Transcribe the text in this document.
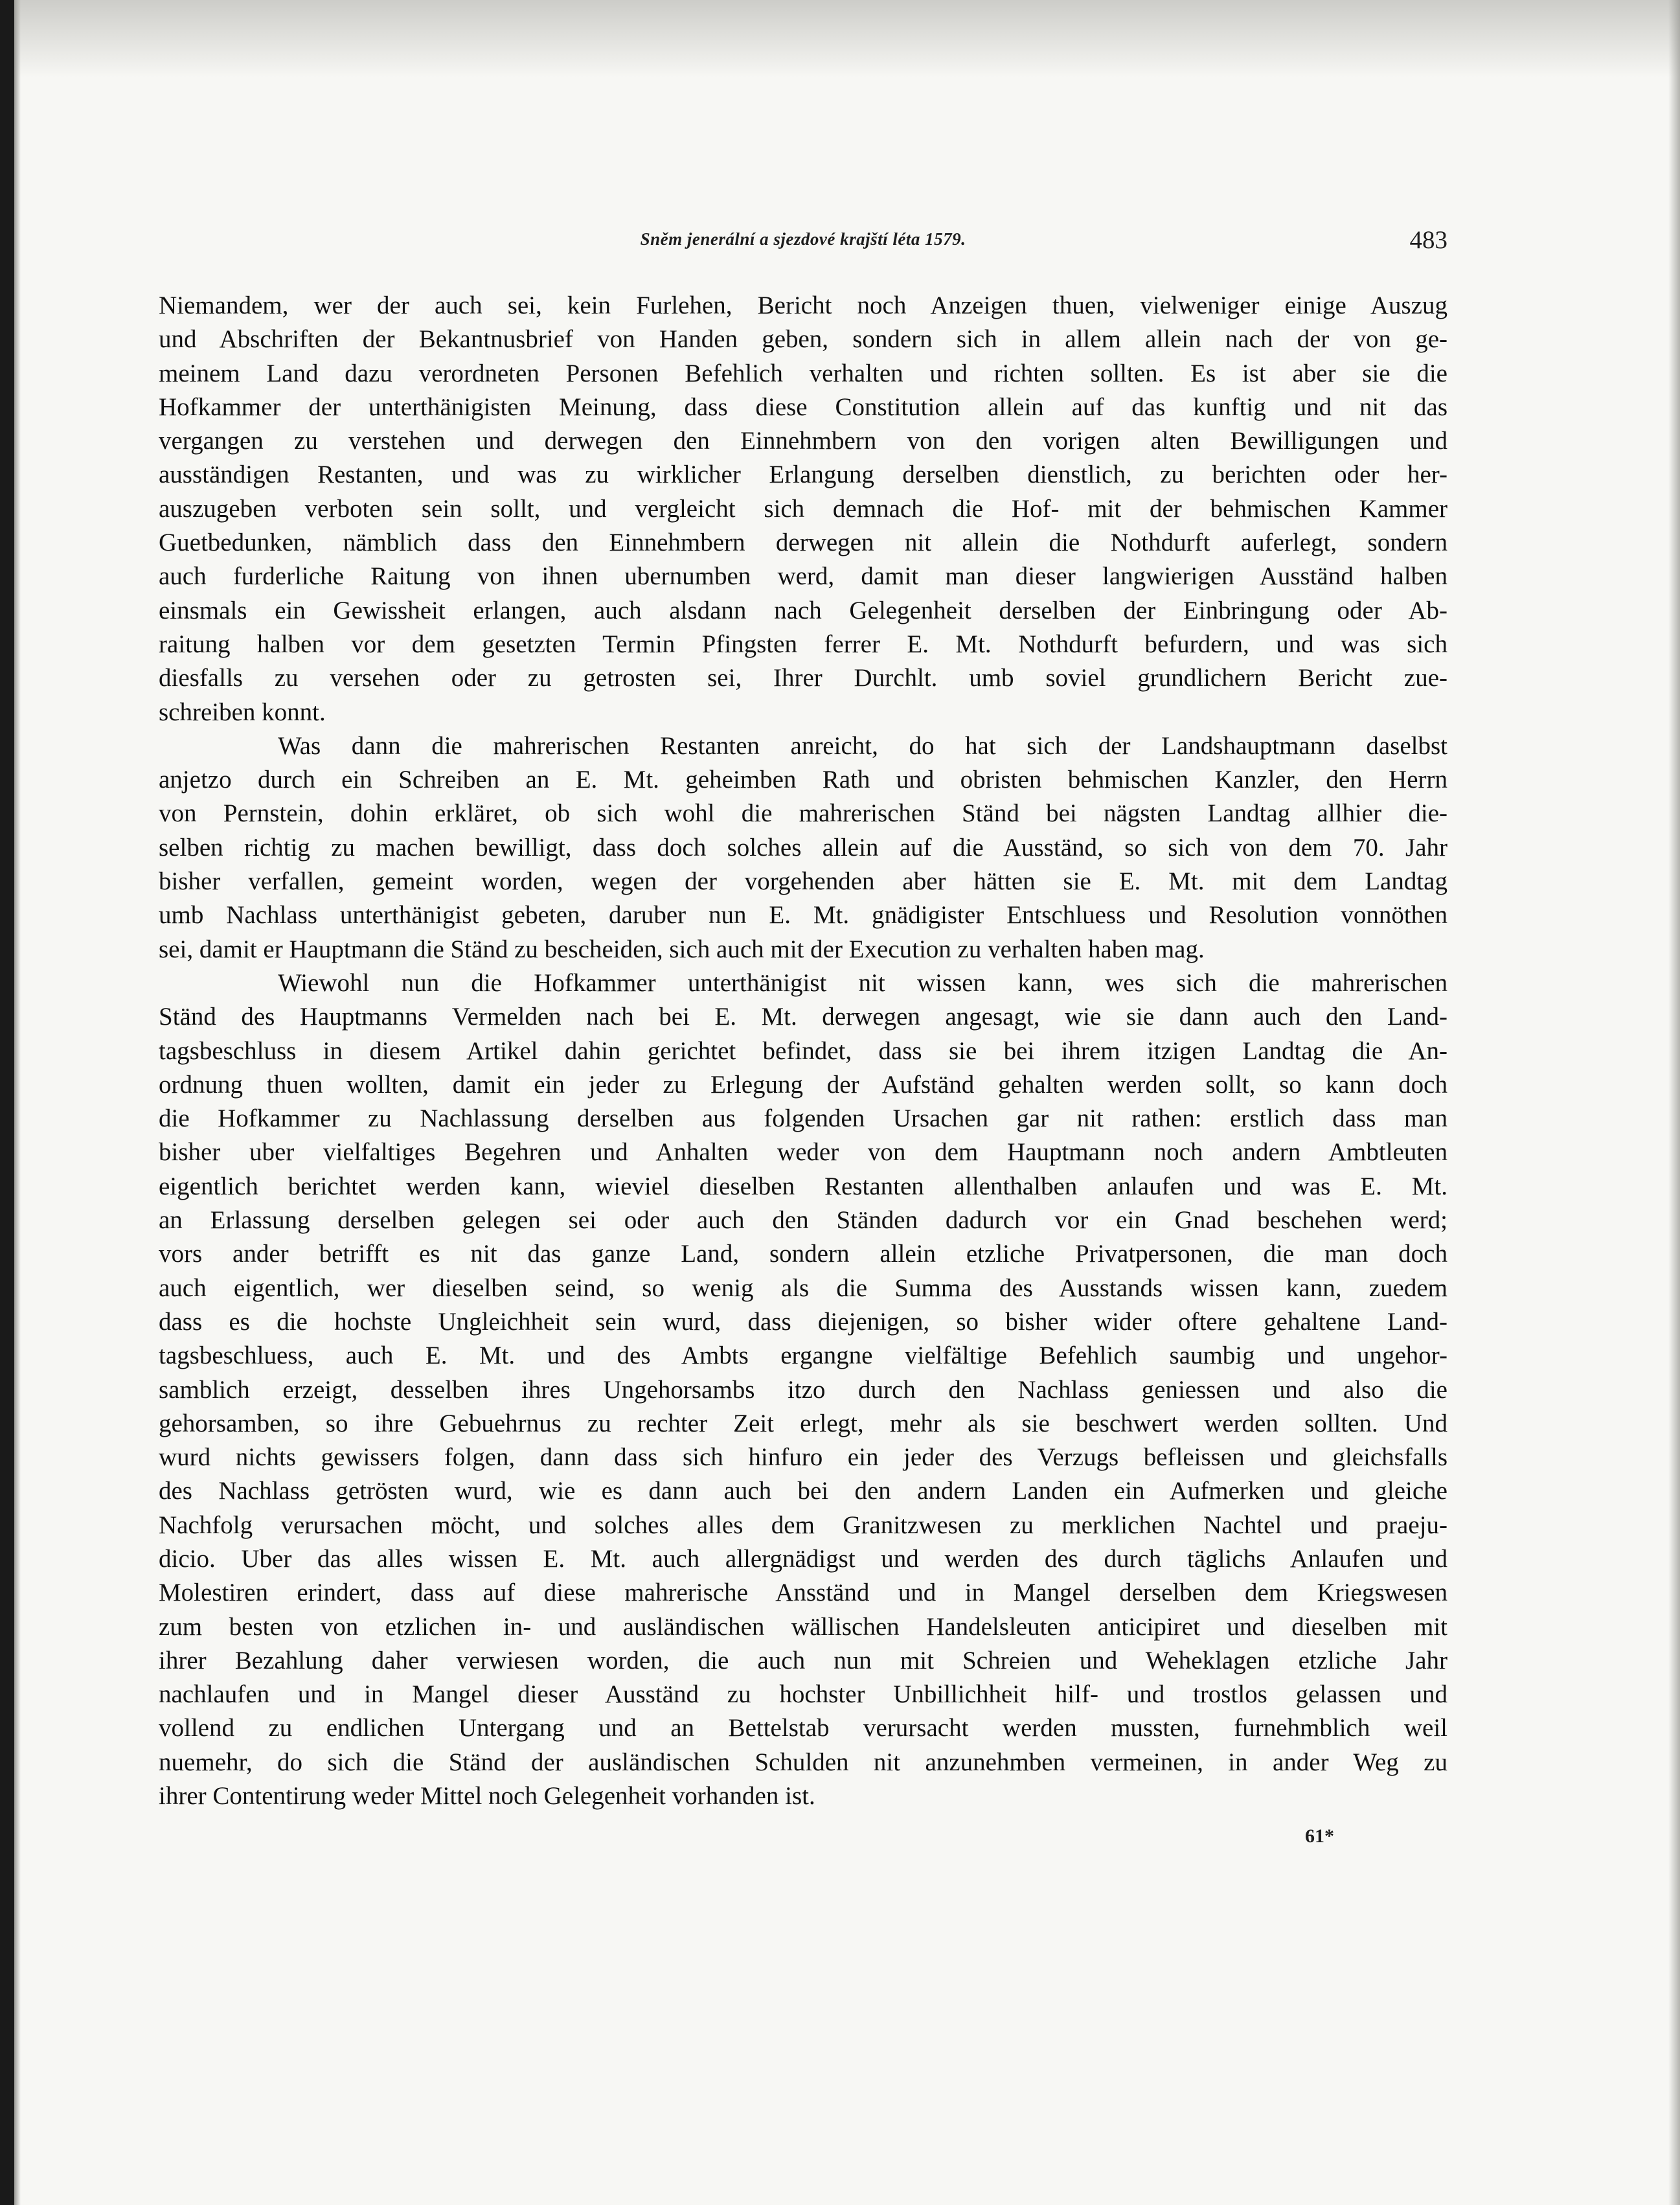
Sněm jenerální a sjezdové krajští léta 1579.	483
Niemandem, wer der auch sei, kein Furlehen, Bericht noch Anzeigen thuen, vielweniger einige Auszug
und Abschriften der Bekantnusbrief von Handen geben, sondern sich in allem allein nach der von ge-
meinem Land dazu verordneten Personen Befehlich verhalten und richten sollten. Es ist aber sie die
Hofkammer der unterthänigisten Meinung, dass diese Constitution allein auf das kunftig und nit das
vergangen zu verstehen und derwegen den Einnehmbern von den vorigen alten Bewilligungen und
ausständigen Restanten, und was zu wirklicher Erlangung derselben dienstlich, zu berichten oder her-
auszugeben verboten sein sollt, und vergleicht sich demnach die Hof- mit der behmischen Kammer
Guetbedunken, nämblich dass den Einnehmbern derwegen nit allein die Nothdurft auferlegt, sondern
auch furderliche Raitung von ihnen ubernumben werd, damit man dieser langwierigen Ausständ halben
einsmals ein Gewissheit erlangen, auch alsdann nach Gelegenheit derselben der Einbringung oder Ab-
raitung halben vor dem gesetzten Termin Pfingsten ferrer E. Mt. Nothdurft befurdern, und was sich
diesfalls zu versehen oder zu getrosten sei, Ihrer Durchlt. umb soviel grundlichern Bericht zue-
schreiben konnt.
Was dann die mahrerischen Restanten anreicht, do hat sich der Landshauptmann daselbst
anjetzo durch ein Schreiben an E. Mt. geheimben Rath und obristen behmischen Kanzler, den Herrn
von Pernstein, dohin erkläret, ob sich wohl die mahrerischen Ständ bei nägsten Landtag allhier die-
selben richtig zu machen bewilligt, dass doch solches allein auf die Ausständ, so sich von dem 70. Jahr
bisher verfallen, gemeint worden, wegen der vorgehenden aber hätten sie E. Mt. mit dem Landtag
umb Nachlass unterthänigist gebeten, daruber nun E. Mt. gnädigister Entschluess und Resolution vonnöthen
sei, damit er Hauptmann die Ständ zu bescheiden, sich auch mit der Execution zu verhalten haben mag.
Wiewohl nun die Hofkammer unterthänigist nit wissen kann, wes sich die mahrerischen
Ständ des Hauptmanns Vermelden nach bei E. Mt. derwegen angesagt, wie sie dann auch den Land-
tagsbeschluss in diesem Artikel dahin gerichtet befindet, dass sie bei ihrem itzigen Landtag die An-
ordnung thuen wollten, damit ein jeder zu Erlegung der Aufständ gehalten werden sollt, so kann doch
die Hofkammer zu Nachlassung derselben aus folgenden Ursachen gar nit rathen: erstlich dass man
bisher uber vielfaltiges Begehren und Anhalten weder von dem Hauptmann noch andern Ambtleuten
eigentlich berichtet werden kann, wieviel dieselben Restanten allenthalben anlaufen und was E. Mt.
an Erlassung derselben gelegen sei oder auch den Ständen dadurch vor ein Gnad beschehen werd;
vors ander betrifft es nit das ganze Land, sondern allein etzliche Privatpersonen, die man doch
auch eigentlich, wer dieselben seind, so wenig als die Summa des Ausstands wissen kann, zuedem
dass es die hochste Ungleichheit sein wurd, dass diejenigen, so bisher wider oftere gehaltene Land-
tagsbeschluess, auch E. Mt. und des Ambts ergangne vielfältige Befehlich saumbig und ungehor-
samblich erzeigt, desselben ihres Ungehorsambs itzo durch den Nachlass geniessen und also die
gehorsamben, so ihre Gebuehrnus zu rechter Zeit erlegt, mehr als sie beschwert werden sollten. Und
wurd nichts gewissers folgen, dann dass sich hinfuro ein jeder des Verzugs befleissen und gleichsfalls
des Nachlass getrösten wurd, wie es dann auch bei den andern Landen ein Aufmerken und gleiche
Nachfolg verursachen möcht, und solches alles dem Granitzwesen zu merklichen Nachtel und praeju-
dicio. Uber das alles wissen E. Mt. auch allergnädigst und werden des durch täglichs Anlaufen und
Molestiren erindert, dass auf diese mahrerische Ansständ und in Mangel derselben dem Kriegswesen
zum besten von etzlichen in- und ausländischen wällischen Handelsleuten anticipiret und dieselben mit
ihrer Bezahlung daher verwiesen worden, die auch nun mit Schreien und Weheklagen etzliche Jahr
nachlaufen und in Mangel dieser Ausständ zu hochster Unbillichheit hilf- und trostlos gelassen und
vollend zu endlichen Untergang und an Bettelstab verursacht werden mussten, furnehmblich weil
nuemehr, do sich die Ständ der ausländischen Schulden nit anzunehmben vermeinen, in ander Weg zu
ihrer Contentirung weder Mittel noch Gelegenheit vorhanden ist.
61*
